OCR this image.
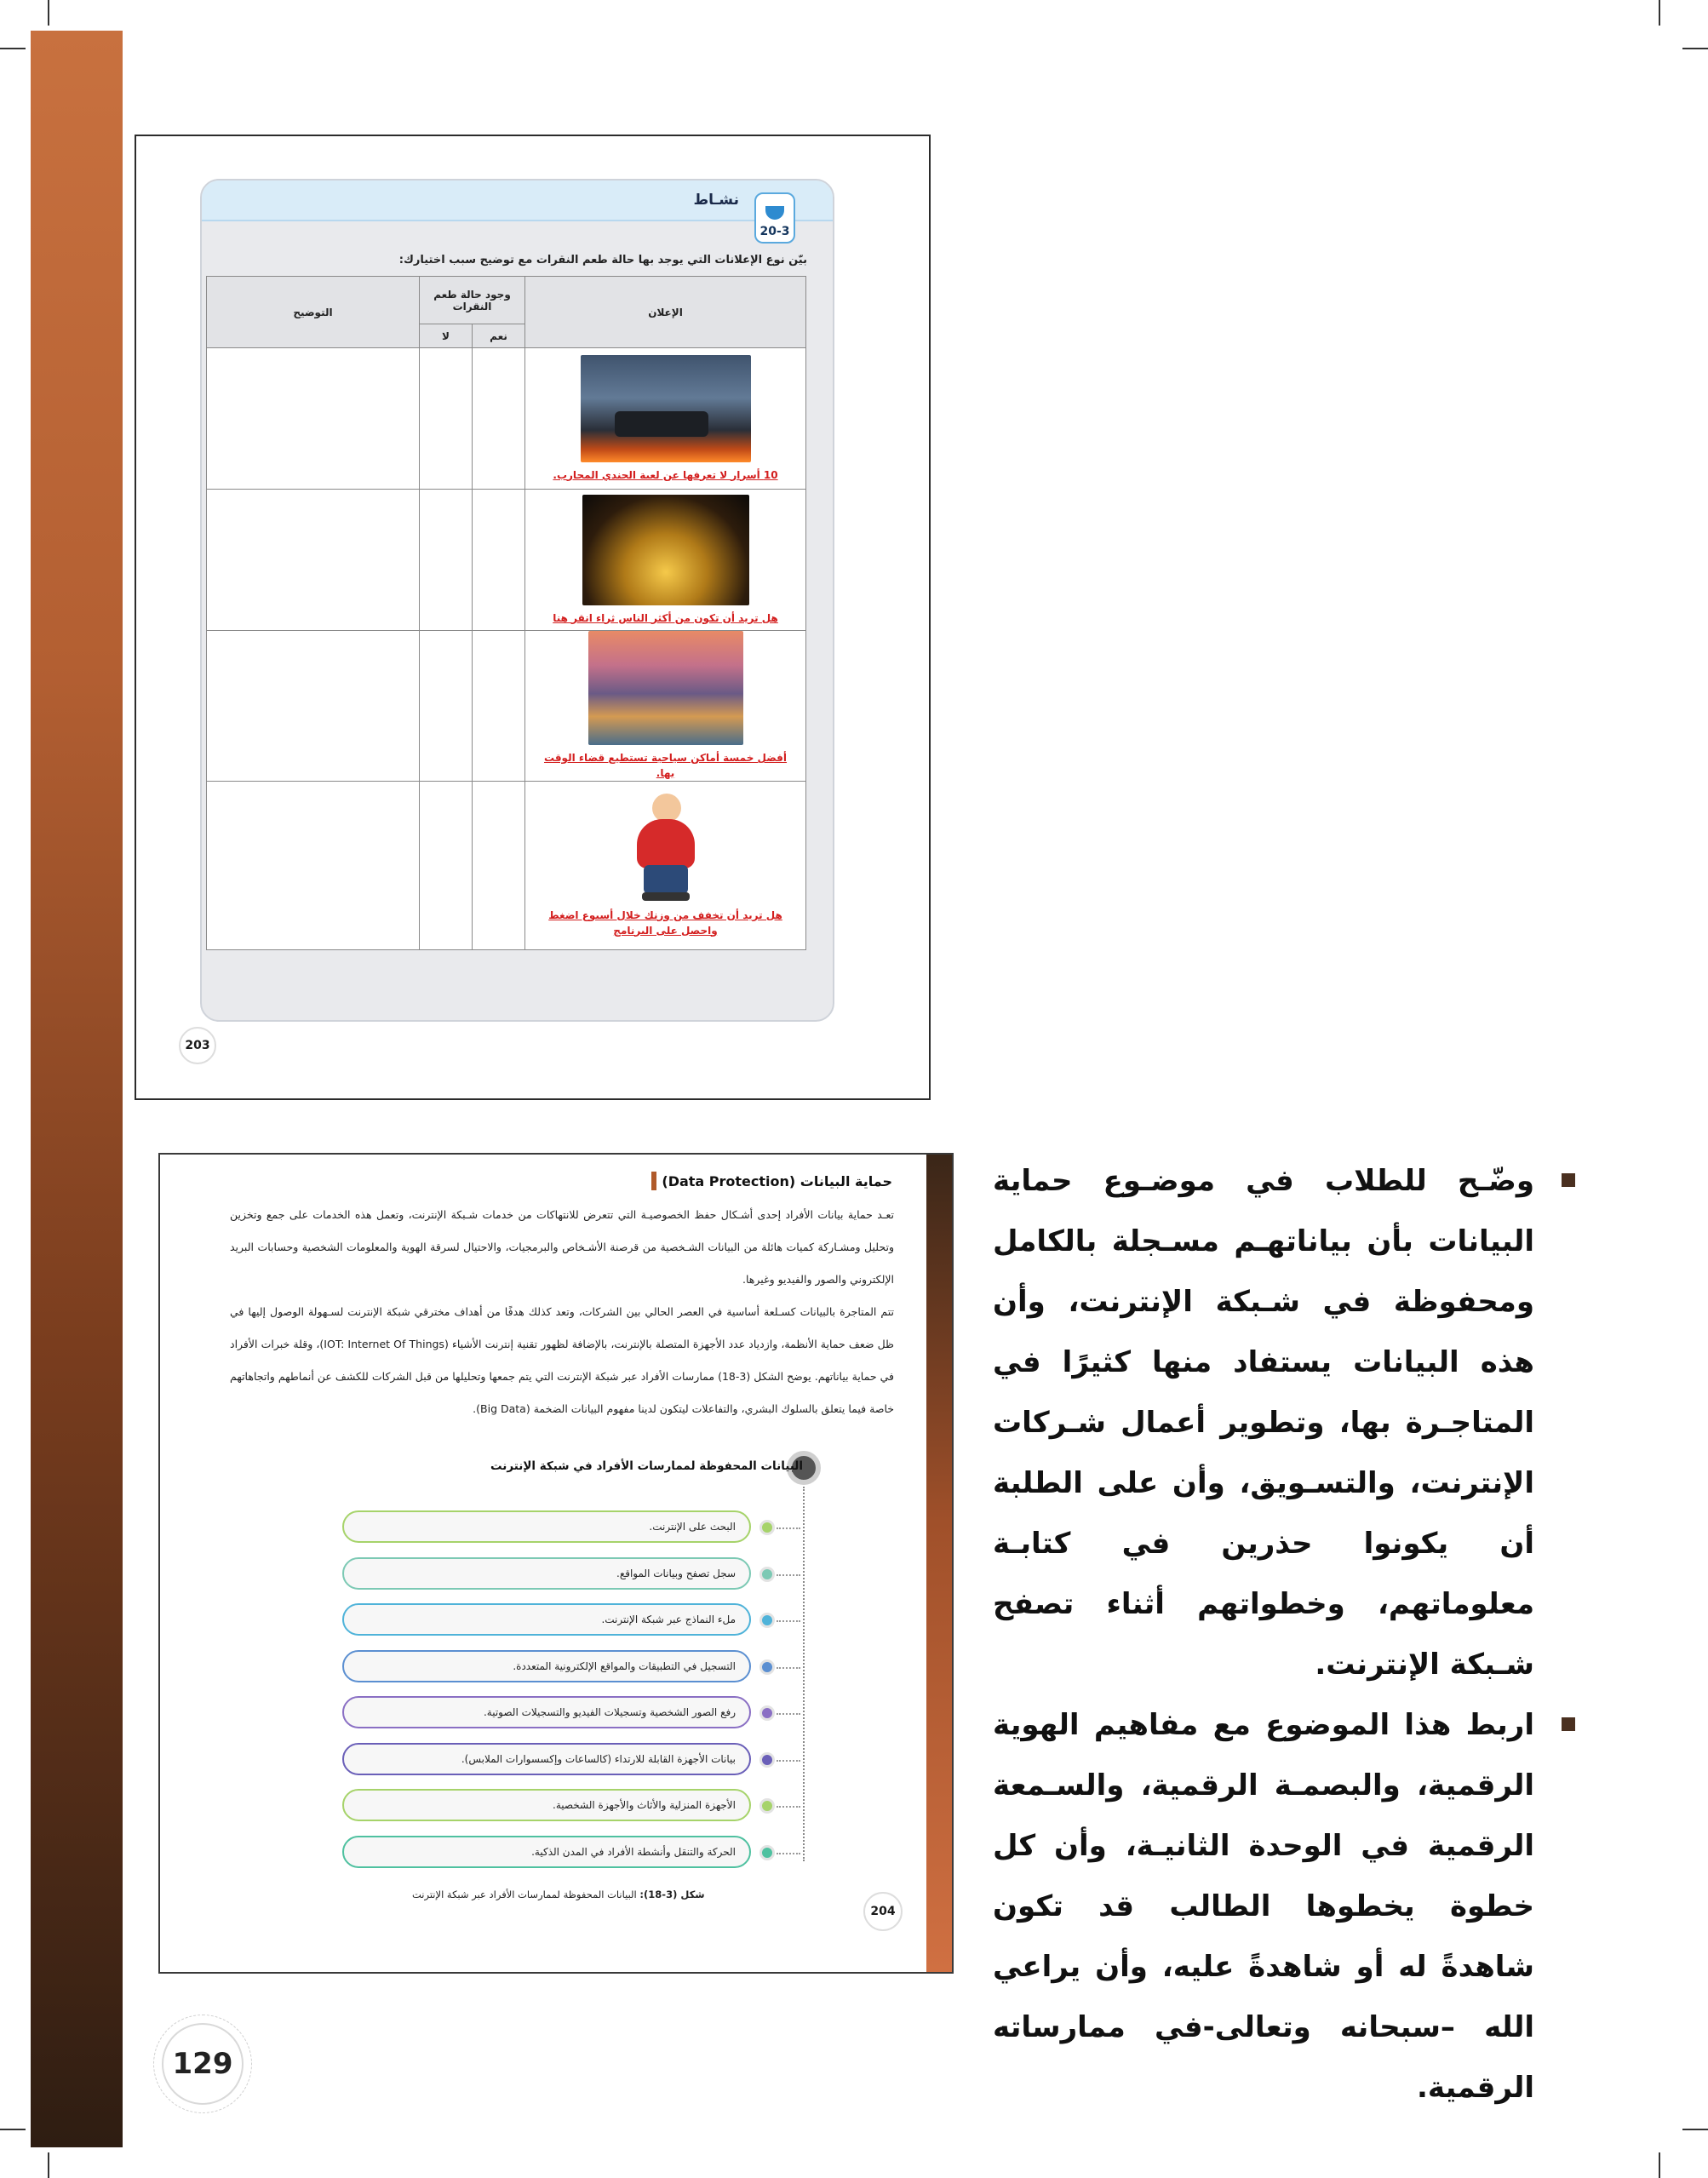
نشـاط
20-3
بيّن نوع الإعلانات التي يوجد بها حالة طعم النقرات مع توضيح سبب اختيارك:
الإعلان	وجود حالة طعم النقرات		التوضيح
	نعم	لا	

10 أسرار لا تعرفها عن لعبة الجندي المحارب.			

هل تريد أن تكون من أكثر الناس ثراء انقر هنا			

أفضل خمسة أماكن سياحية تستطيع قضاء الوقت بها.			

هل تريد أن تخفف من وزنك خلال أسبوع اضغط واحصل على البرنامج			

203
حماية البيانات (Data Protection)
تعـد حماية بيانات الأفراد إحدى أشـكال حفظ الخصوصيـة التي تتعرض للانتهاكات من خدمات شـبكة الإنترنت، وتعمل هذه الخدمات على جمع وتخزين وتحليل ومشـاركة كميات هائلة من البيانات الشـخصية من قرصنة الأشـخاص والبرمجيات، والاحتيال لسرقة الهوية والمعلومات الشخصية وحسابات البريد الإلكتروني والصور والفيديو وغيرها.
تتم المتاجرة بالبيانات كسـلعة أساسية في العصر الحالي بين الشركات، وتعد كذلك هدفًا من أهداف مخترقي شبكة الإنترنت لسـهولة الوصول إليها في ظل ضعف حماية الأنظمة، وازدياد عدد الأجهزة المتصلة بالإنترنت، بالإضافة لظهور تقنية إنترنت الأشياء (IOT: Internet Of Things)، وقلة خبرات الأفراد في حماية بياناتهم. يوضح الشكل (3-18) ممارسات الأفراد عبر شبكة الإنترنت التي يتم جمعها وتحليلها من قبل الشركات للكشف عن أنماطهم واتجاهاتهم خاصة فيما يتعلق بالسلوك البشري، والتفاعلات ليتكون لدينا مفهوم البيانات الضخمة (Big Data).
البيانات المحفوظة لممارسات الأفراد في شبكة الإنترنت
البحث على الإنترنت.
سجل تصفح وبيانات المواقع.
ملء النماذج عبر شبكة الإنترنت.
التسجيل في التطبيقات والمواقع الإلكترونية المتعددة.
رفع الصور الشخصية وتسجيلات الفيديو والتسجيلات الصوتية.
بيانات الأجهزة القابلة للارتداء (كالساعات وإكسسوارات الملابس).
الأجهزة المنزلية والأثاث والأجهزة الشخصية.
الحركة والتنقل وأنشطة الأفراد في المدن الذكية.
شكل (3-18): البيانات المحفوظة لممارسات الأفراد عبر شبكة الإنترنت
204
وضّـح للطلاب في موضـوع حماية البيانات بأن بياناتهـم مسـجلة بالكامل ومحفوظة في شـبكة الإنترنت، وأن هذه البيانات يستفاد منها كثيرًا في المتاجـرة بها، وتطوير أعمال شـركات الإنترنت، والتسـويق، وأن على الطلبة أن يكونوا حذرين في كتابـة معلوماتهم، وخطواتهم أثناء تصفح شـبكة الإنترنت.
اربط هذا الموضوع مع مفاهيم الهوية الرقمية، والبصمـة الرقمية، والسـمعة الرقمية في الوحدة الثانيـة، وأن كل خطوة يخطوها الطالب قد تكون شاهدةً له أو شاهدةً عليه، وأن يراعي الله –سبحانه وتعالى-في ممارساته الرقمية.
129
